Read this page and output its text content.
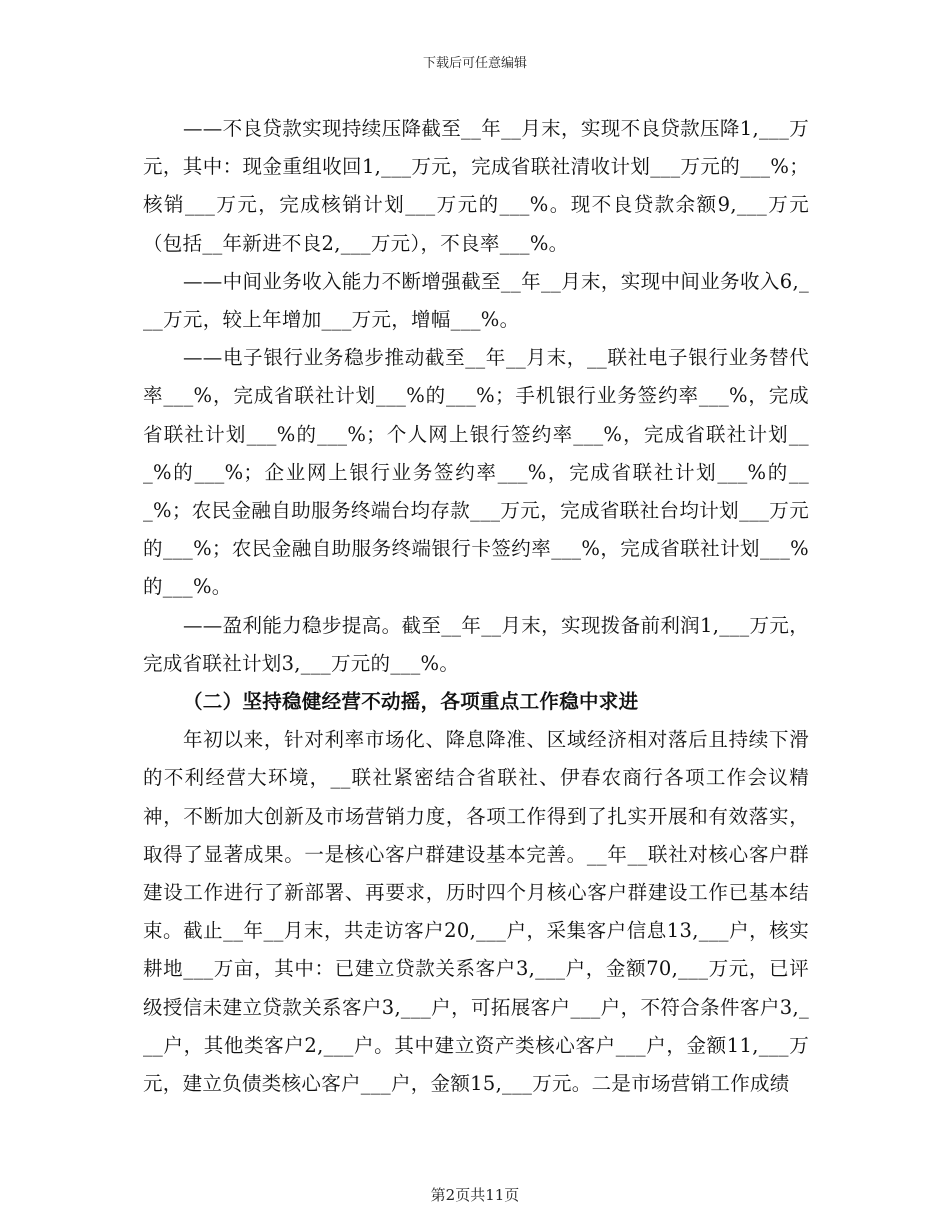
下载后可任意编辑

——不良贷款实现持续压降截至__年__月末，实现不良贷款压降1,___万元，其中：现金重组收回1,___万元，完成省联社清收计划___万元的___%；核销___万元，完成核销计划___万元的___%。现不良贷款余额9,___万元（包括__年新进不良2,___万元），不良率___%。

——中间业务收入能力不断增强截至__年__月末，实现中间业务收入6,___万元，较上年增加___万元，增幅___%。

——电子银行业务稳步推动截至__年__月末，__联社电子银行业务替代率___%，完成省联社计划___%的___%；手机银行业务签约率___%，完成省联社计划___%的___%；个人网上银行签约率___%，完成省联社计划___%的___%；企业网上银行业务签约率___%，完成省联社计划___%的___%；农民金融自助服务终端台均存款___万元，完成省联社台均计划___万元的___%；农民金融自助服务终端银行卡签约率___%，完成省联社计划___%的___%。

——盈利能力稳步提高。截至__年__月末，实现拨备前利润1,___万元，完成省联社计划3,___万元的___%。

（二）坚持稳健经营不动摇，各项重点工作稳中求进

年初以来，针对利率市场化、降息降准、区域经济相对落后且持续下滑的不利经营大环境，__联社紧密结合省联社、伊春农商行各项工作会议精神，不断加大创新及市场营销力度，各项工作得到了扎实开展和有效落实，取得了显著成果。一是核心客户群建设基本完善。__年__联社对核心客户群建设工作进行了新部署、再要求，历时四个月核心客户群建设工作已基本结束。截止__年__月末，共走访客户20,___户，采集客户信息13,___户，核实耕地___万亩，其中：已建立贷款关系客户3,___户，金额70,___万元，已评级授信未建立贷款关系客户3,___户，可拓展客户___户，不符合条件客户3,___户，其他类客户2,___户。其中建立资产类核心客户___户，金额11,___万元，建立负债类核心客户___户，金额15,___万元。二是市场营销工作成绩

第2页共11页
